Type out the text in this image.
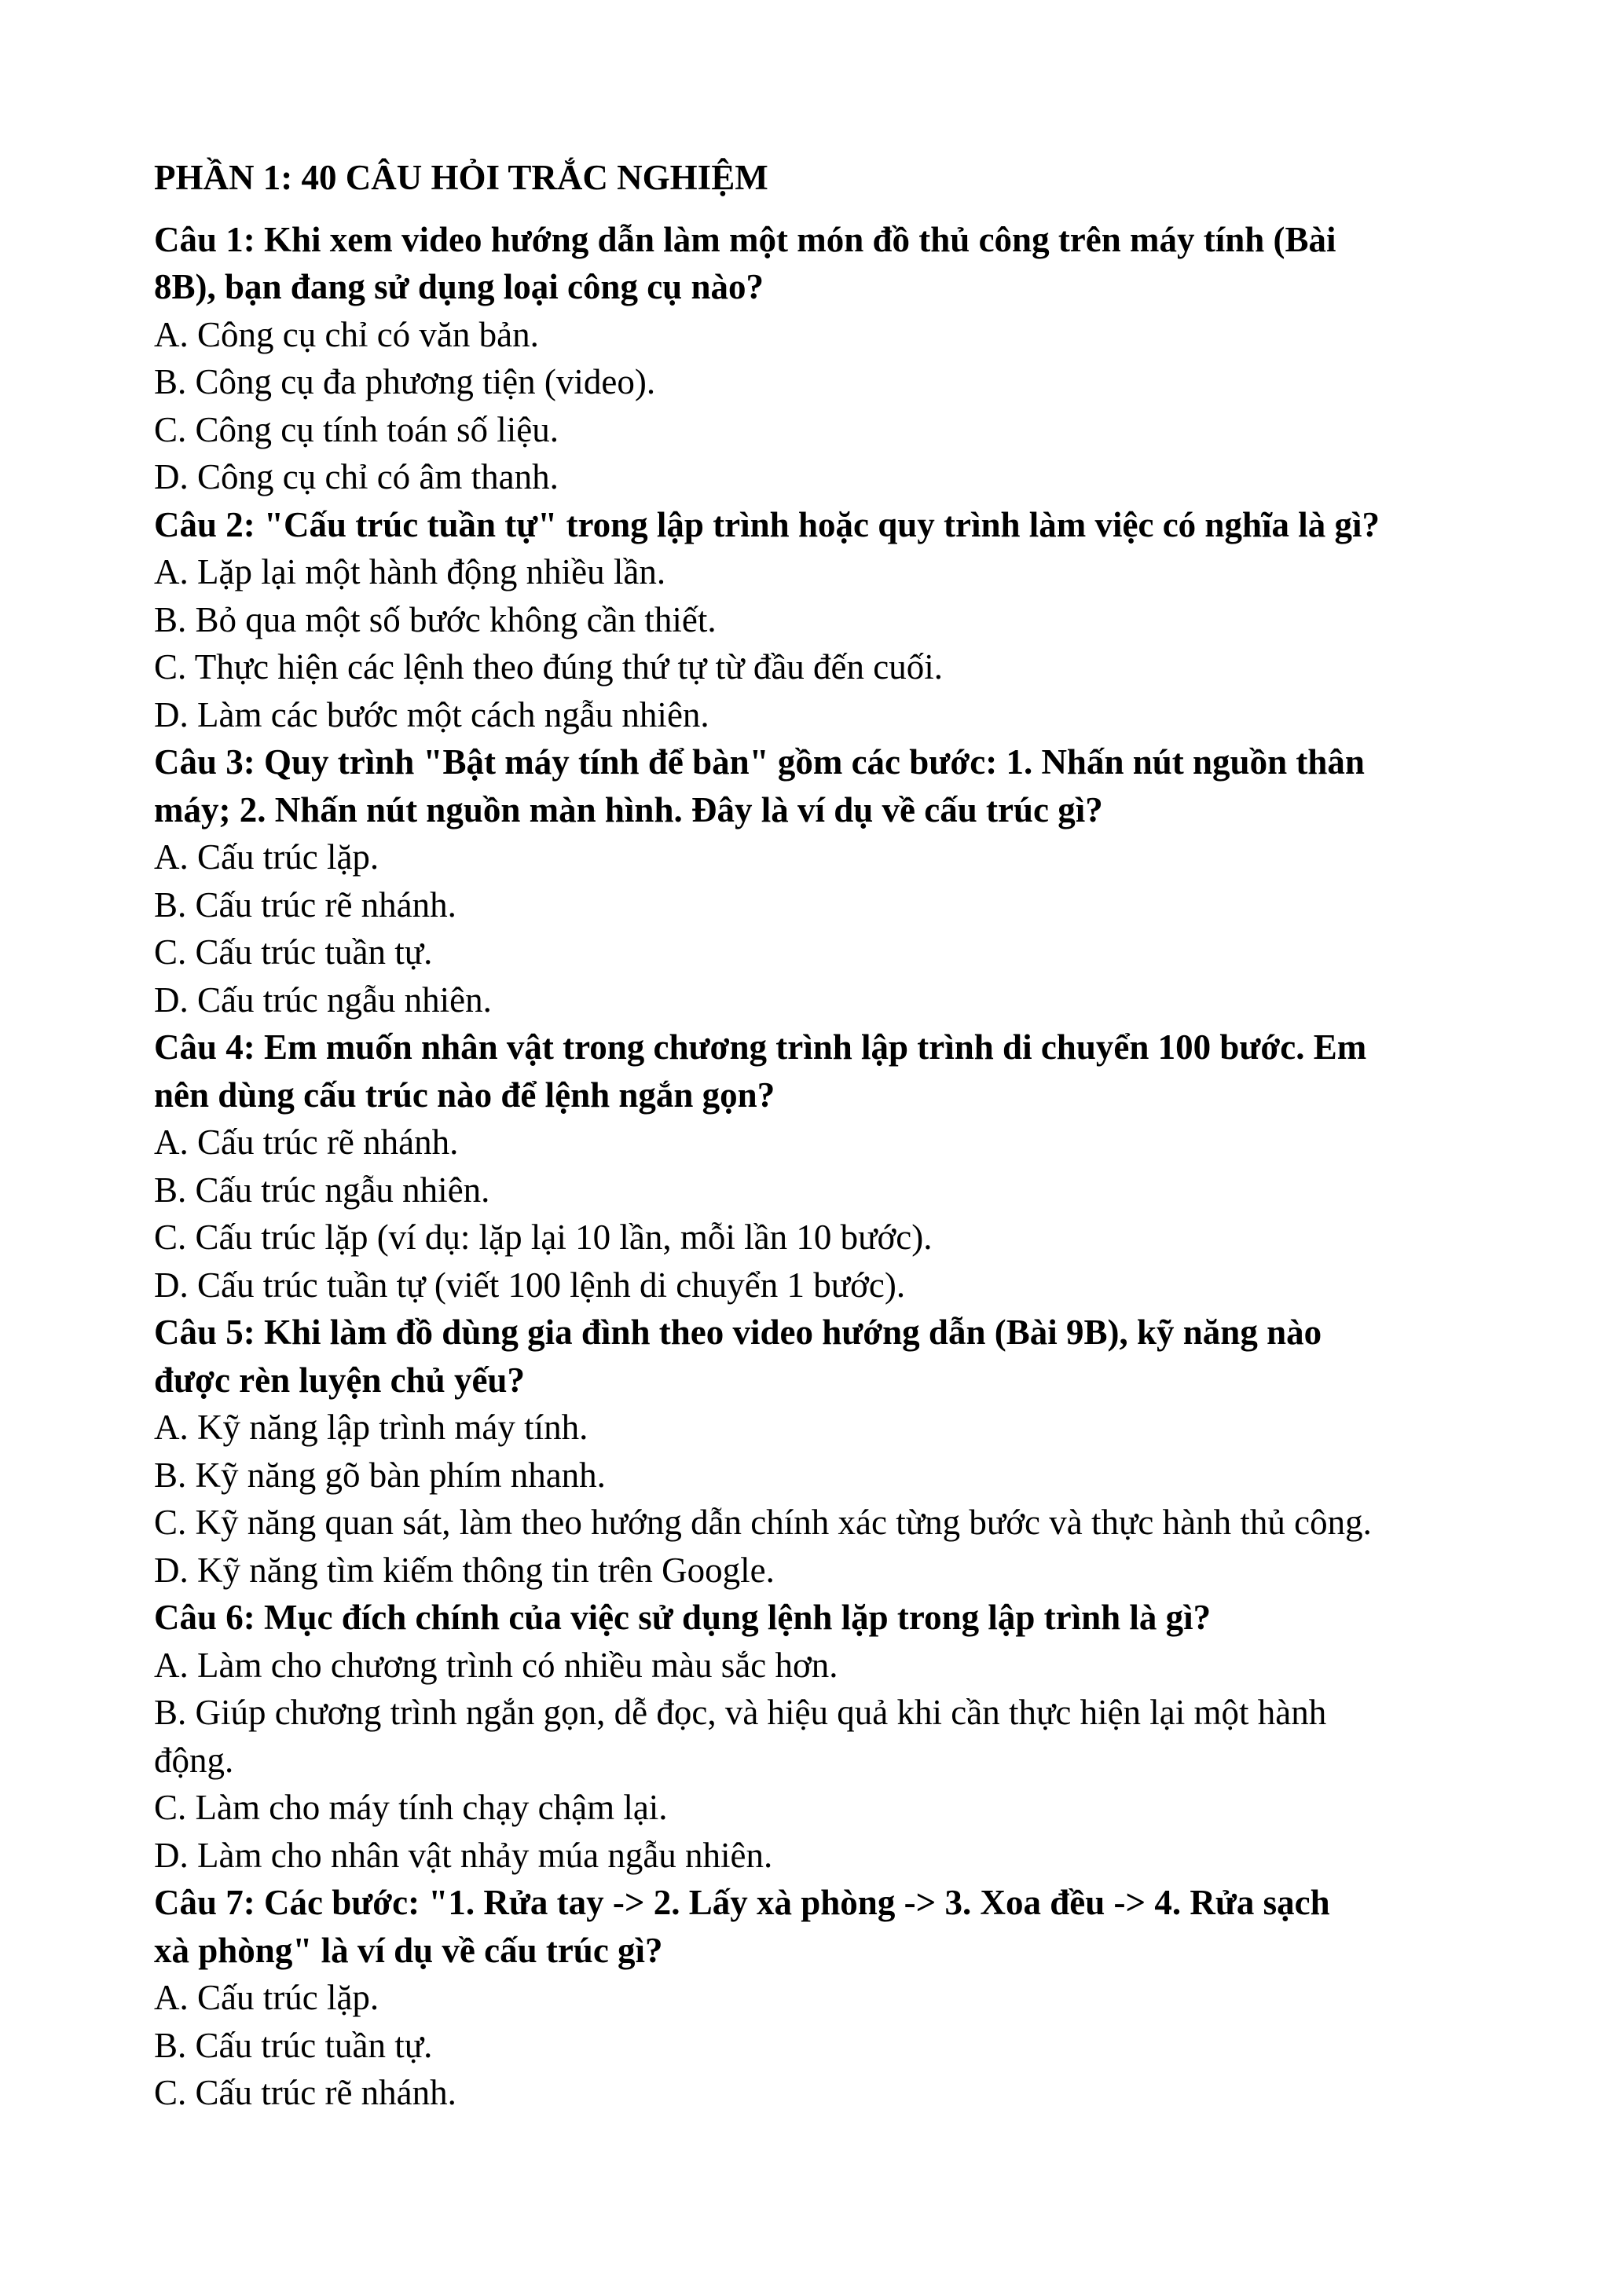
PHẦN 1: 40 CÂU HỎI TRẮC NGHIỆM
Câu 1: Khi xem video hướng dẫn làm một món đồ thủ công trên máy tính (Bài
8B), bạn đang sử dụng loại công cụ nào?
A. Công cụ chỉ có văn bản.
B. Công cụ đa phương tiện (video).
C. Công cụ tính toán số liệu.
D. Công cụ chỉ có âm thanh.
Câu 2: "Cấu trúc tuần tự" trong lập trình hoặc quy trình làm việc có nghĩa là gì?
A. Lặp lại một hành động nhiều lần.
B. Bỏ qua một số bước không cần thiết.
C. Thực hiện các lệnh theo đúng thứ tự từ đầu đến cuối.
D. Làm các bước một cách ngẫu nhiên.
Câu 3: Quy trình "Bật máy tính để bàn" gồm các bước: 1. Nhấn nút nguồn thân
máy; 2. Nhấn nút nguồn màn hình. Đây là ví dụ về cấu trúc gì?
A. Cấu trúc lặp.
B. Cấu trúc rẽ nhánh.
C. Cấu trúc tuần tự.
D. Cấu trúc ngẫu nhiên.
Câu 4: Em muốn nhân vật trong chương trình lập trình di chuyển 100 bước. Em
nên dùng cấu trúc nào để lệnh ngắn gọn?
A. Cấu trúc rẽ nhánh.
B. Cấu trúc ngẫu nhiên.
C. Cấu trúc lặp (ví dụ: lặp lại 10 lần, mỗi lần 10 bước).
D. Cấu trúc tuần tự (viết 100 lệnh di chuyển 1 bước).
Câu 5: Khi làm đồ dùng gia đình theo video hướng dẫn (Bài 9B), kỹ năng nào
được rèn luyện chủ yếu?
A. Kỹ năng lập trình máy tính.
B. Kỹ năng gõ bàn phím nhanh.
C. Kỹ năng quan sát, làm theo hướng dẫn chính xác từng bước và thực hành thủ công.
D. Kỹ năng tìm kiếm thông tin trên Google.
Câu 6: Mục đích chính của việc sử dụng lệnh lặp trong lập trình là gì?
A. Làm cho chương trình có nhiều màu sắc hơn.
B. Giúp chương trình ngắn gọn, dễ đọc, và hiệu quả khi cần thực hiện lại một hành
động.
C. Làm cho máy tính chạy chậm lại.
D. Làm cho nhân vật nhảy múa ngẫu nhiên.
Câu 7: Các bước: "1. Rửa tay -> 2. Lấy xà phòng -> 3. Xoa đều -> 4. Rửa sạch
xà phòng" là ví dụ về cấu trúc gì?
A. Cấu trúc lặp.
B. Cấu trúc tuần tự.
C. Cấu trúc rẽ nhánh.
